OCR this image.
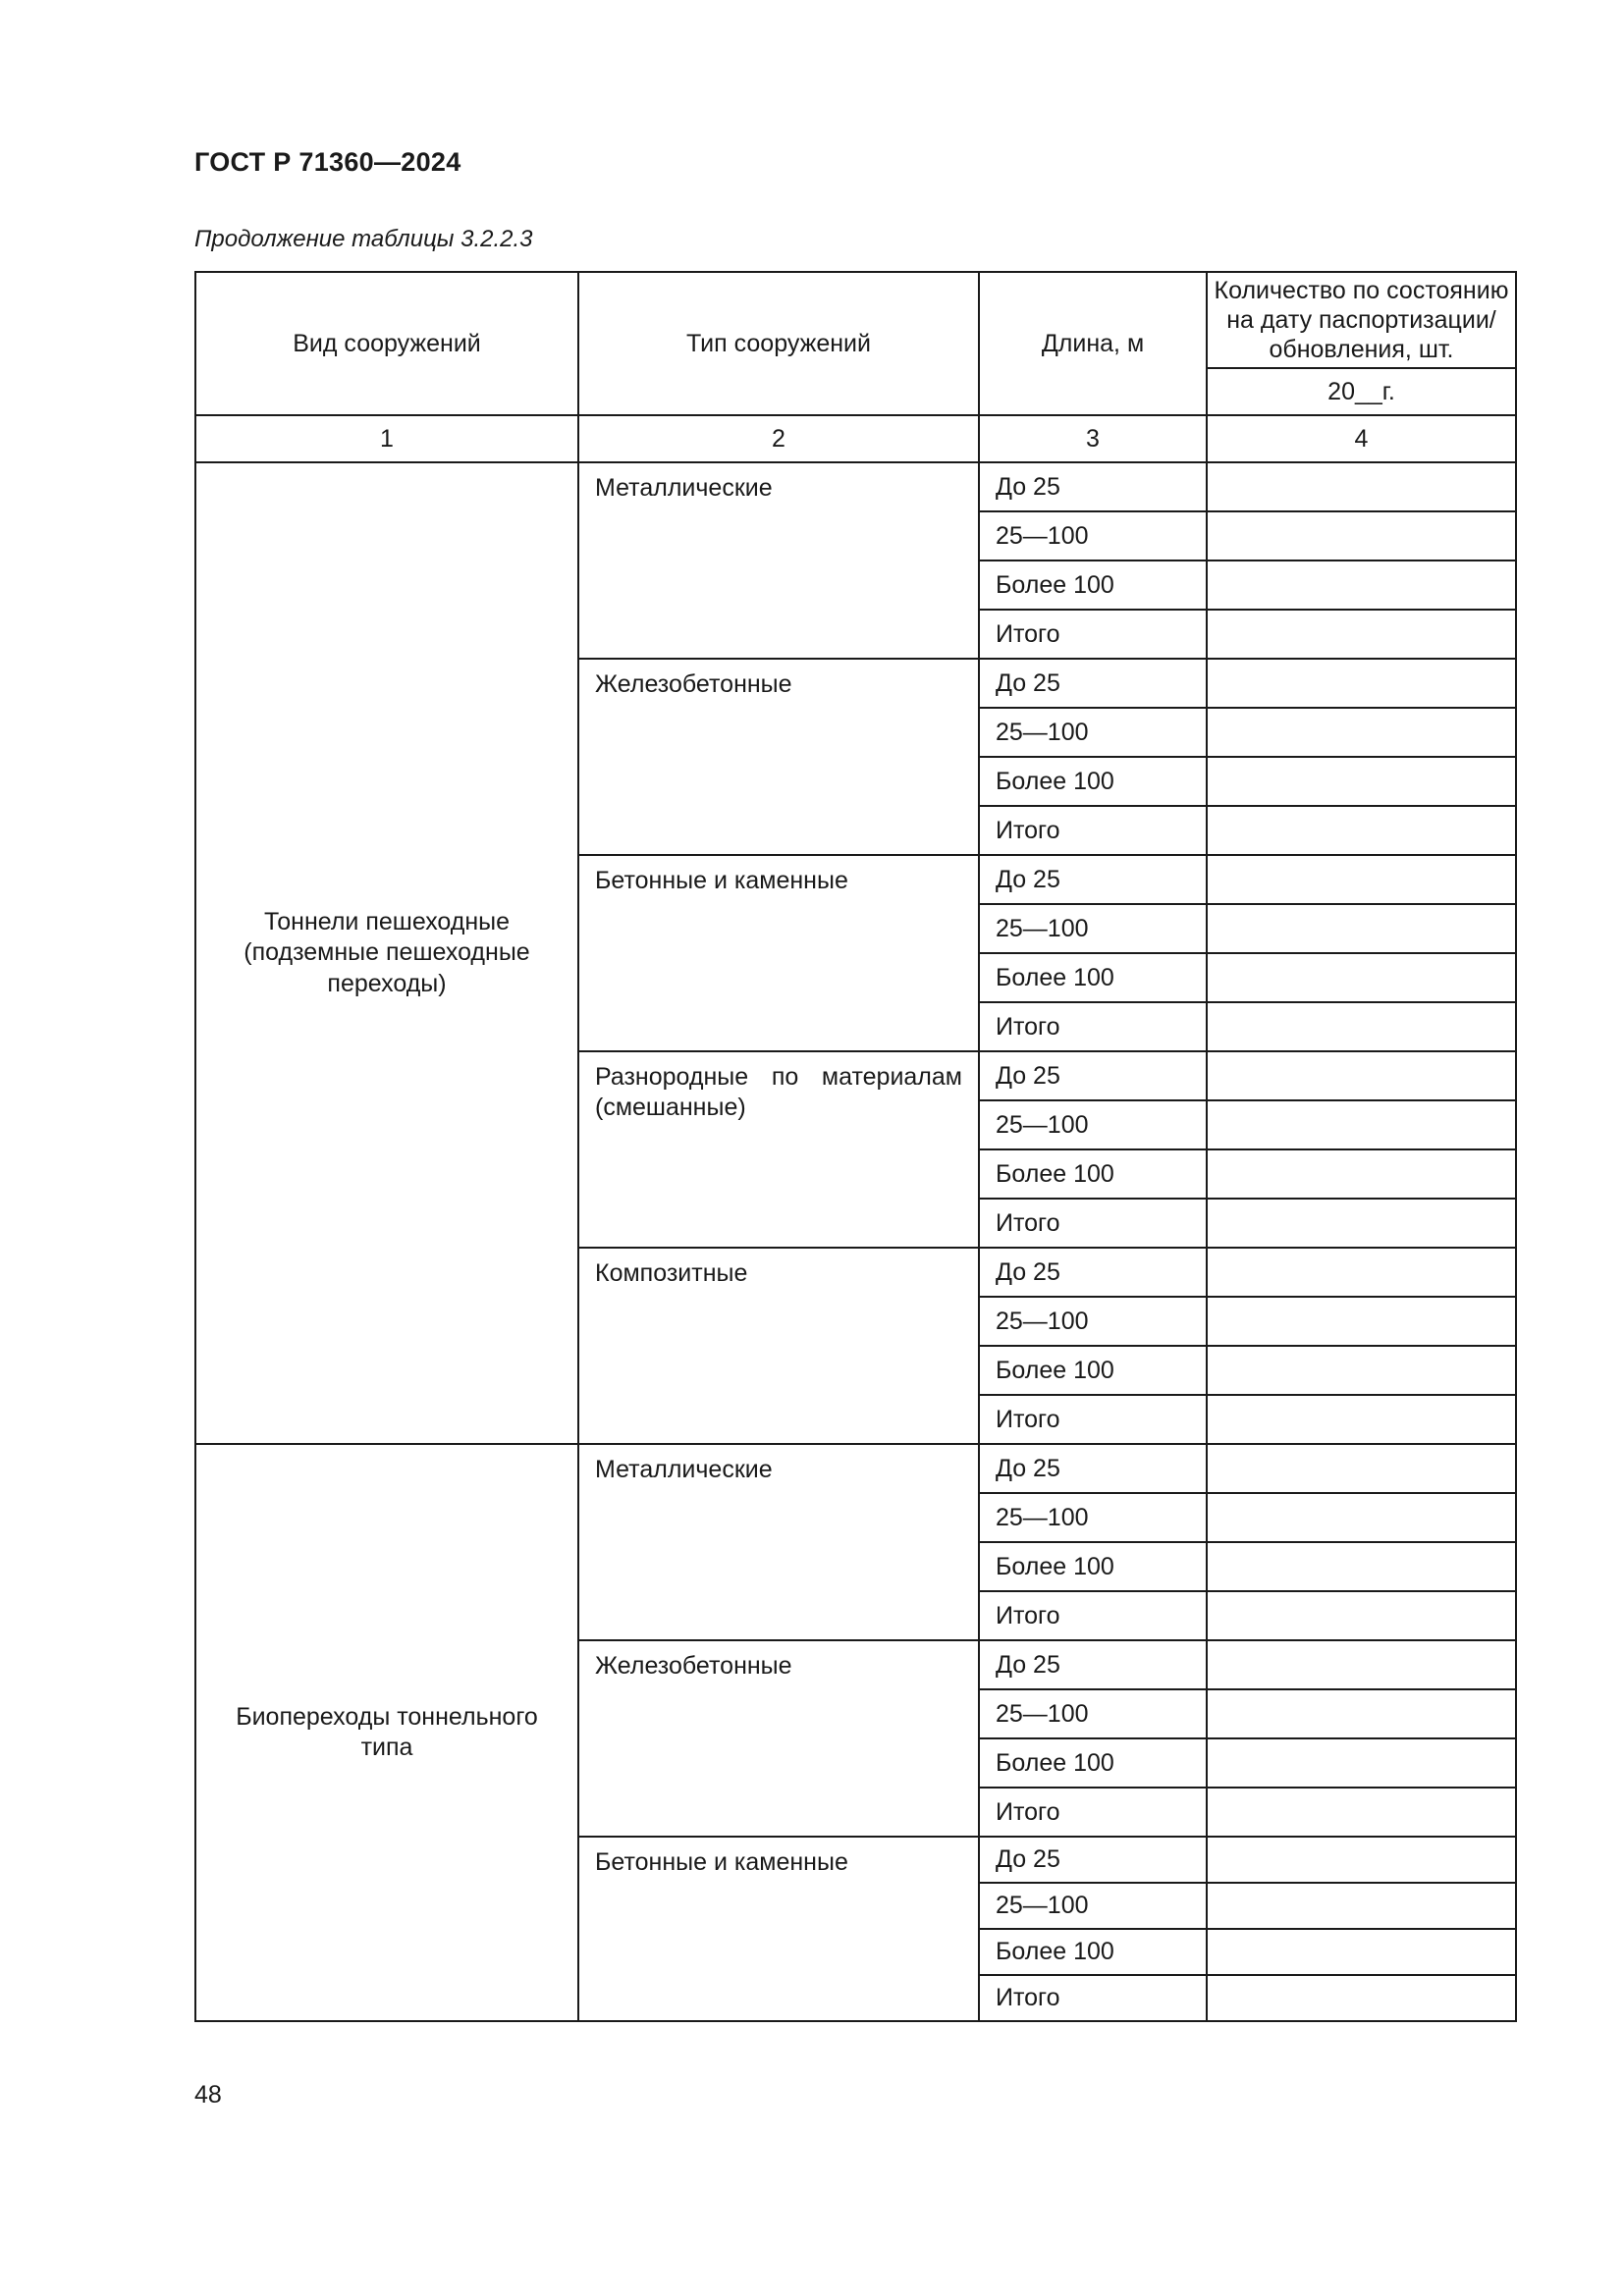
ГОСТ Р 71360—2024
Продолжение таблицы 3.2.2.3
Вид сооружений	Тип сооружений	Длина, м	Количество по состоянию
на дату паспортизации/
обновления, шт.

			20__г.
1	2	3	4

Тоннели пешеходные
(подземные пешеходные
переходы)	Металлические	До 25	
		25—100	
		Более 100	
		Итого	
	Железобетонные	До 25	
		25—100	
		Более 100	
		Итого	
	Бетонные и каменные	До 25	
		25—100	
		Более 100	
		Итого	

	Разнородные по материалам
(смешанные)	До 25	
		25—100	
		Более 100	
		Итого	
	Композитные	До 25	
		25—100	
		Более 100	
		Итого	

Биопереходы тоннельного типа	Металлические	До 25	
		25—100	
		Более 100	
		Итого	
	Железобетонные	До 25	
		25—100	
		Более 100	
		Итого	
	Бетонные и каменные	До 25	
		25—100	
		Более 100	
		Итого	
48
